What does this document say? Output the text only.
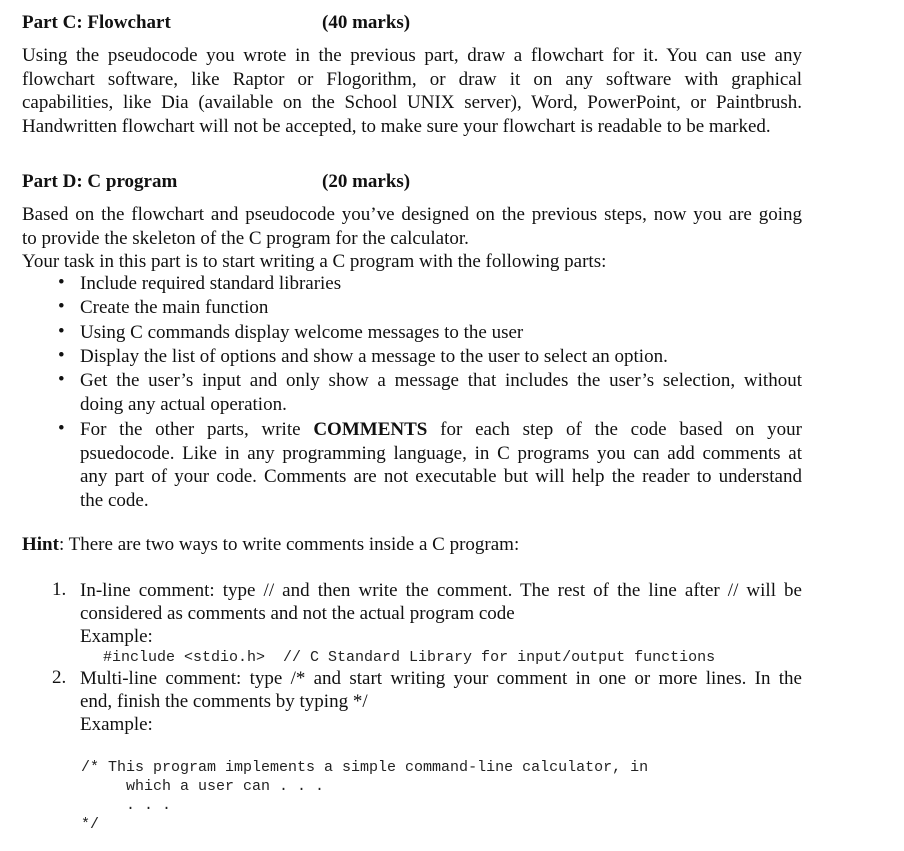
Part C: Flowchart	(40 marks)
Using the pseudocode you wrote in the previous part, draw a flowchart for it. You can use any
flowchart software, like Raptor or Flogorithm, or draw it on any software with graphical
capabilities, like Dia (available on the School UNIX server), Word, PowerPoint, or Paintbrush.
Handwritten flowchart will not be accepted, to make sure your flowchart is readable to be marked.
Part D: C program	(20 marks)
Based on the flowchart and pseudocode you’ve designed on the previous steps, now you are going
to provide the skeleton of the C program for the calculator.
Your task in this part is to start writing a C program with the following parts:
• Include required standard libraries
• Create the main function
• Using C commands display welcome messages to the user
• Display the list of options and show a message to the user to select an option.
• Get the user’s input and only show a message that includes the user’s selection, without
doing any actual operation.
• For the other parts, write COMMENTS for each step of the code based on your
psuedocode. Like in any programming language, in C programs you can add comments at
any part of your code. Comments are not executable but will help the reader to understand
the code.
Hint: There are two ways to write comments inside a C program:
1. In-line comment: type // and then write the comment. The rest of the line after // will be
considered as comments and not the actual program code
Example:
#include <stdio.h>  // C Standard Library for input/output functions
2. Multi-line comment: type /* and start writing your comment in one or more lines. In the
end, finish the comments by typing */
Example:
/* This program implements a simple command-line calculator, in
which a user can . . .
. . .
*/
